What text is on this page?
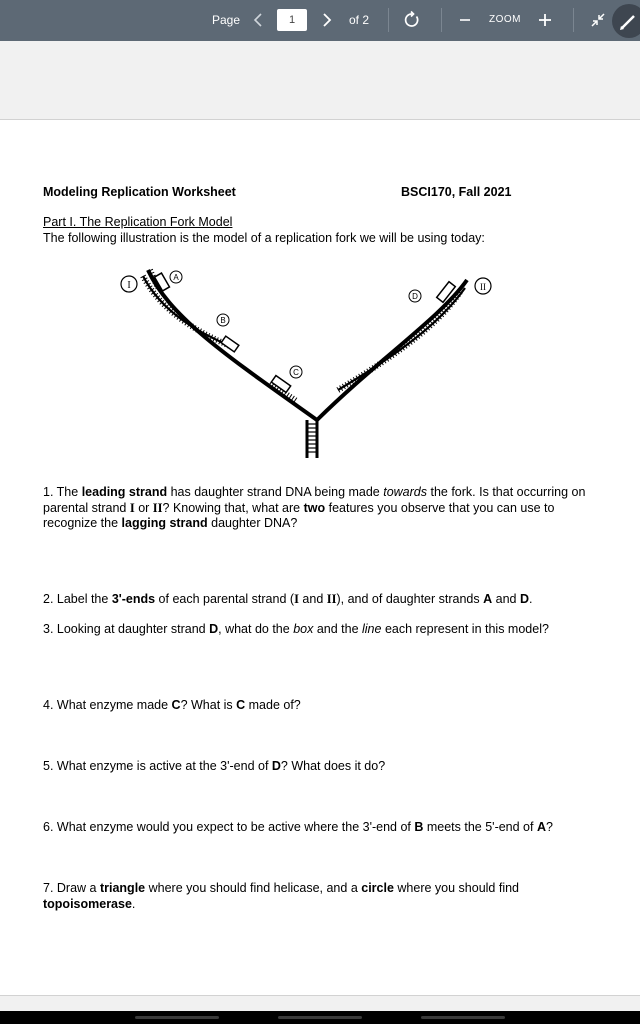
Page	1	of 2	ZOOM
Modeling Replication Worksheet	BSCI170, Fall 2021
Part I. The Replication Fork Model
The following illustration is the model of a replication fork we will be using today:
I
A
B
C
D
II
1. The leading strand has daughter strand DNA being made towards the fork. Is that occurring on parental strand I or II? Knowing that, what are two features you observe that you can use to recognize the lagging strand daughter DNA?
2. Label the 3'-ends of each parental strand (I and II), and of daughter strands A and D.
3. Looking at daughter strand D, what do the box and the line each represent in this model?
4. What enzyme made C? What is C made of?
5. What enzyme is active at the 3'-end of D? What does it do?
6. What enzyme would you expect to be active where the 3'-end of B meets the 5'-end of A?
7. Draw a triangle where you should find helicase, and a circle where you should find topoisomerase.
